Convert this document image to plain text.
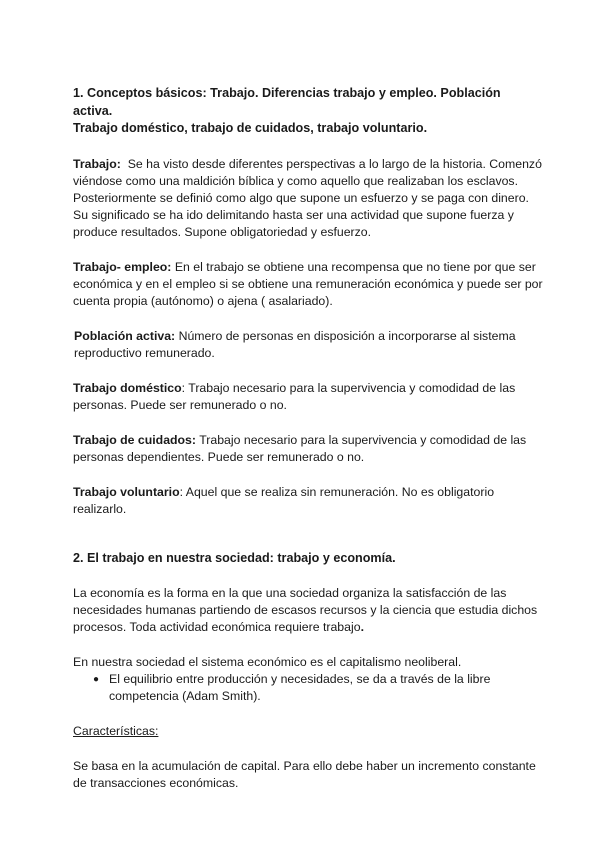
1. Conceptos básicos: Trabajo. Diferencias trabajo y empleo. Población activa.
Trabajo doméstico, trabajo de cuidados, trabajo voluntario.

Trabajo: Se ha visto desde diferentes perspectivas a lo largo de la historia. Comenzó viéndose como una maldición bíblica y como aquello que realizaban los esclavos. Posteriormente se definió como algo que supone un esfuerzo y se paga con dinero. Su significado se ha ido delimitando hasta ser una actividad que supone fuerza y produce resultados. Supone obligatoriedad y esfuerzo.

Trabajo- empleo: En el trabajo se obtiene una recompensa que no tiene por que ser económica y en el empleo si se obtiene una remuneración económica y puede ser por cuenta propia (autónomo) o ajena ( asalariado).

Población activa: Número de personas en disposición a incorporarse al sistema reproductivo remunerado.

Trabajo doméstico: Trabajo necesario para la supervivencia y comodidad de las personas. Puede ser remunerado o no.

Trabajo de cuidados: Trabajo necesario para la supervivencia y comodidad de las personas dependientes. Puede ser remunerado o no.

Trabajo voluntario: Aquel que se realiza sin remuneración. No es obligatorio realizarlo.

2. El trabajo en nuestra sociedad: trabajo y economía.

La economía es la forma en la que una sociedad organiza la satisfacción de las necesidades humanas partiendo de escasos recursos y la ciencia que estudia dichos procesos. Toda actividad económica requiere trabajo.

En nuestra sociedad el sistema económico es el capitalismo neoliberal.

● El equilibrio entre producción y necesidades, se da a través de la libre competencia (Adam Smith).

Características:

Se basa en la acumulación de capital. Para ello debe haber un incremento constante de transacciones económicas.
